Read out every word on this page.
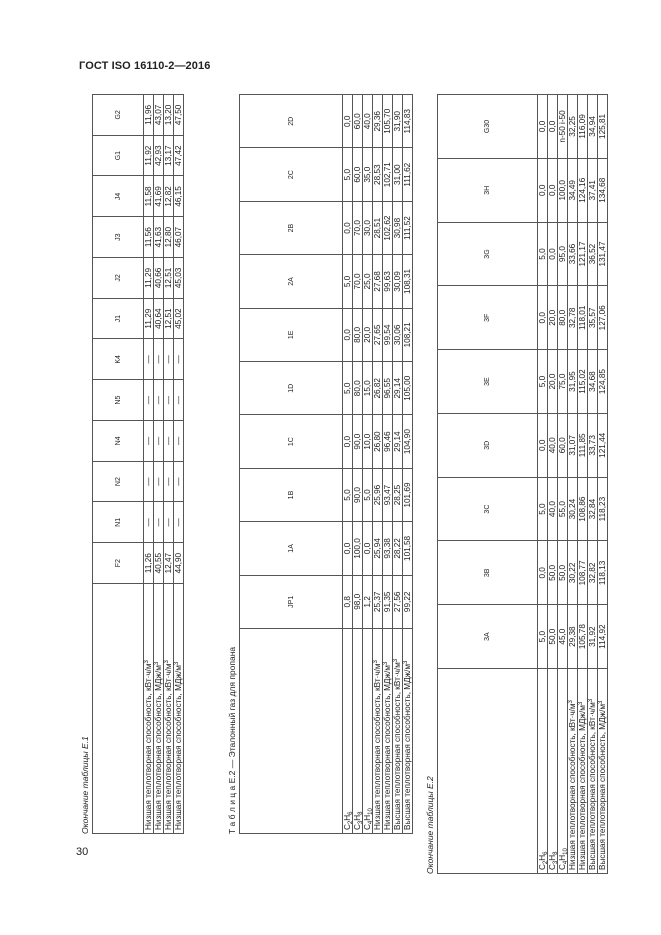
ГОСТ ISO 16110-2—2016
30
Окончание таблицы Е.1
	F2	N1	N2	N4	N5	K4	J1	J2	J3	J4	G1	G2
Низшая теплотворная способность, $кВт\cdot ч/м^3$	11,26	—	—	—	—	—	11,29	11,29	11,56	11,58	11,92	11,96
Низшая теплотворная способность, МДж/$м^3$	40,55	—	—	—	—	—	40,64	40,66	41,63	41,69	42,93	43,07
Низшая теплотворная способность, $кВт\cdot ч/м^3$	12,47	—	—	—	—	—	12,51	12,51	12,80	12,82	13,17	13,20
Низшая теплотворная способность, МДж/$м^3$	44,90	—	—	—	—	—	45,02	45,03	46,07	46,15	47,42	47,50
Т а б л и ц а Е.2 — Эталонный газ для пропана
	JP1	1A	1B	1C	1D	1E	2A	2B	2C	2D
$C_2H_6$	0,8	0,0	5,0	0,0	5,0	0,0	5,0	0,0	5,0	0,0
$C_3H_8$	98,0	100,0	90,0	90,0	80,0	80,0	70,0	70,0	60,0	60,0
$C_4H_{10}$	1,2	0,0	5,0	10,0	15,0	20,0	25,0	30,0	35,0	40,0
Низшая теплотворная способность, $кВт\cdot ч/м^3$	25,37	25,94	25,96	26,80	26,82	27,65	27,68	28,51	28,53	29,36
Низшая теплотворная способность, МДж/$м^3$	91,35	93,38	93,47	96,46	96,55	99,54	99,63	102,62	102,71	105,70
Высшая теплотворная способность, $кВт\cdot ч/м^3$	27,56	28,22	28,25	29,14	29,14	30,06	30,09	30,98	31,00	31,90
Высшая теплотворная способность, МДж/$м^3$	99,22	101,58	101,69	104,90	105,00	108,21	108,31	111,52	111,62	114,83
Окончание таблицы Е.2
	3A	3B	3C	3D	3E	3F	3G	3H	G30
$C_2H_6$	5,0	0,0	5,0	0,0	5,0	0,0	5,0	0,0	0,0
$C_3H_8$	50,0	50,0	40,0	40,0	20,0	20,0	0,0	0,0	0,0
$C_4H_{10}$	45,0	50,0	55,0	60,0	75,0	80,0	95,0	100,0	n-50 i-50
Низшая теплотворная способность, $кВт\cdot ч/м^3$	29,38	30,22	30,24	31,07	31,95	32,78	33,66	34,49	32,25
Низшая теплотворная способность, МДж/$м^3$	105,78	108,77	108,86	111,85	115,02	118,01	121,17	124,16	116,09
Высшая теплотворная способность, $кВт\cdot ч/м^3$	31,92	32,82	32,84	33,73	34,68	35,57	36,52	37,41	34,94
Высшая теплотворная способность, МДж/$м^3$	114,92	118,13	118,23	121,44	124,85	127,06	131,47	134,68	125,81
